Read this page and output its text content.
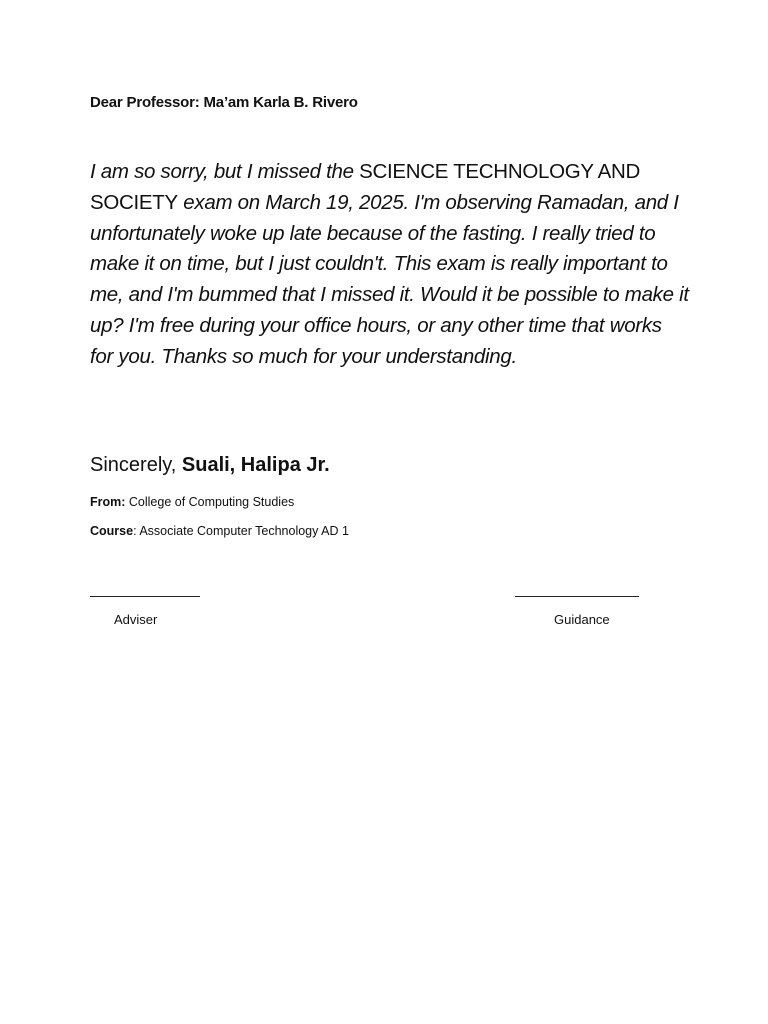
Dear Professor: Ma’am Karla B. Rivero
I am so sorry, but I missed the SCIENCE TECHNOLOGY AND SOCIETY exam on March 19, 2025. I'm observing Ramadan, and I unfortunately woke up late because of the fasting. I really tried to make it on time, but I just couldn't. This exam is really important to me, and I'm bummed that I missed it. Would it be possible to make it up? I'm free during your office hours, or any other time that works for you. Thanks so much for your understanding.
Sincerely, Suali, Halipa Jr.
From: College of Computing Studies
Course: Associate Computer Technology AD 1
Adviser	Guidance
